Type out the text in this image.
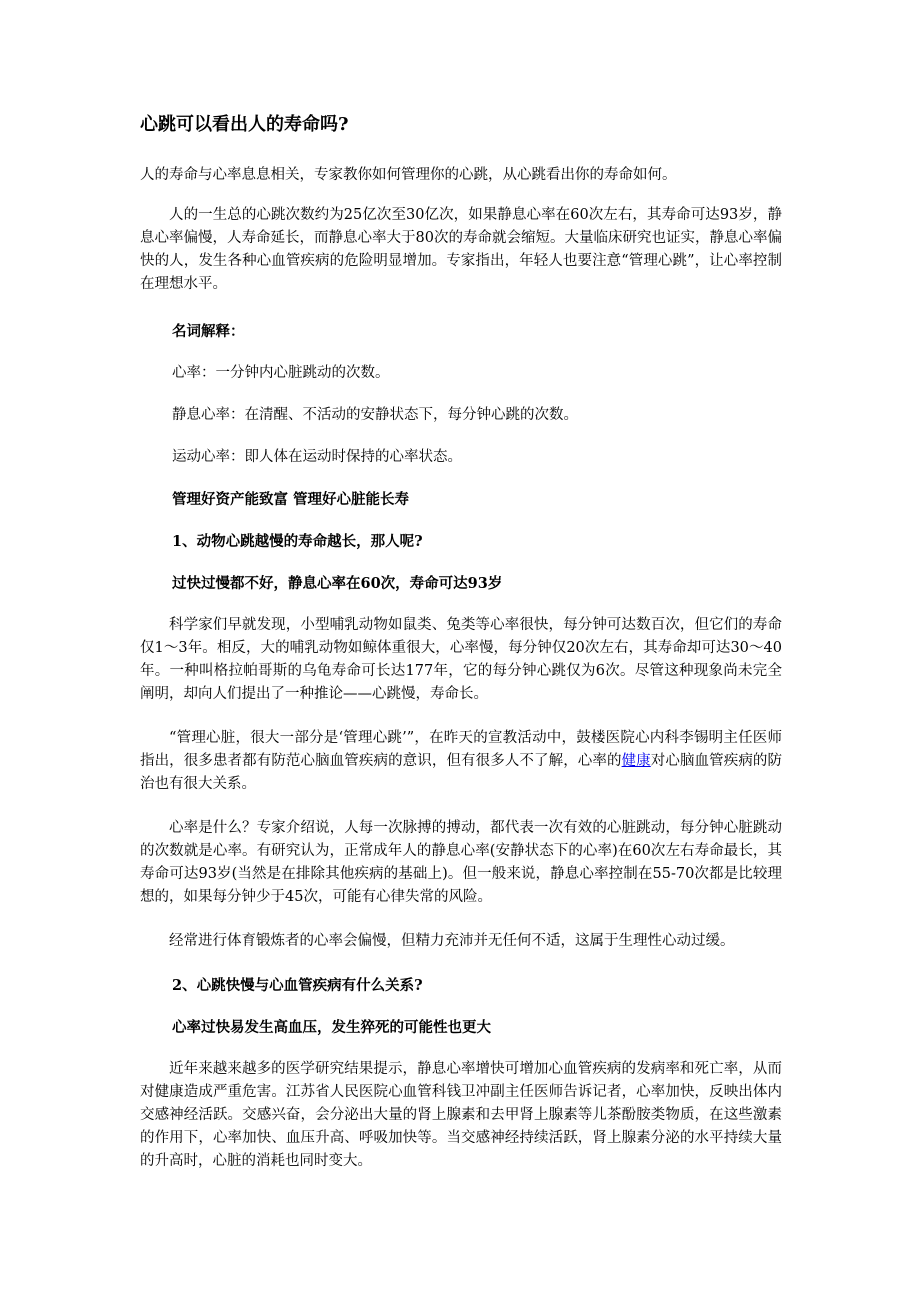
心跳可以看出人的寿命吗?

人的寿命与心率息息相关，专家教你如何管理你的心跳，从心跳看出你的寿命如何。

人的一生总的心跳次数约为25亿次至30亿次，如果静息心率在60次左右，其寿命可达93岁，静息心率偏慢，人寿命延长，而静息心率大于80次的寿命就会缩短。大量临床研究也证实，静息心率偏快的人，发生各种心血管疾病的危险明显增加。专家指出，年轻人也要注意“管理心跳”，让心率控制在理想水平。

名词解释：

心率：一分钟内心脏跳动的次数。

静息心率：在清醒、不活动的安静状态下，每分钟心跳的次数。

运动心率：即人体在运动时保持的心率状态。

管理好资产能致富 管理好心脏能长寿

1、动物心跳越慢的寿命越长，那人呢?

过快过慢都不好，静息心率在60次，寿命可达93岁

科学家们早就发现，小型哺乳动物如鼠类、兔类等心率很快，每分钟可达数百次，但它们的寿命仅1～3年。相反，大的哺乳动物如鲸体重很大，心率慢，每分钟仅20次左右，其寿命却可达30～40年。一种叫格拉帕哥斯的乌龟寿命可长达177年，它的每分钟心跳仅为6次。尽管这种现象尚未完全阐明，却向人们提出了一种推论——心跳慢，寿命长。

“管理心脏，很大一部分是‘管理心跳’”，在昨天的宣教活动中，鼓楼医院心内科李锡明主任医师指出，很多患者都有防范心脑血管疾病的意识，但有很多人不了解，心率的健康对心脑血管疾病的防治也有很大关系。

心率是什么？专家介绍说，人每一次脉搏的搏动，都代表一次有效的心脏跳动，每分钟心脏跳动的次数就是心率。有研究认为，正常成年人的静息心率(安静状态下的心率)在60次左右寿命最长，其寿命可达93岁(当然是在排除其他疾病的基础上)。但一般来说，静息心率控制在55-70次都是比较理想的，如果每分钟少于45次，可能有心律失常的风险。

经常进行体育锻炼者的心率会偏慢，但精力充沛并无任何不适，这属于生理性心动过缓。

2、心跳快慢与心血管疾病有什么关系?

心率过快易发生高血压，发生猝死的可能性也更大

近年来越来越多的医学研究结果提示，静息心率增快可增加心血管疾病的发病率和死亡率，从而对健康造成严重危害。江苏省人民医院心血管科钱卫冲副主任医师告诉记者，心率加快，反映出体内交感神经活跃。交感兴奋，会分泌出大量的肾上腺素和去甲肾上腺素等儿茶酚胺类物质，在这些激素的作用下，心率加快、血压升高、呼吸加快等。当交感神经持续活跃，肾上腺素分泌的水平持续大量的升高时，心脏的消耗也同时变大。
